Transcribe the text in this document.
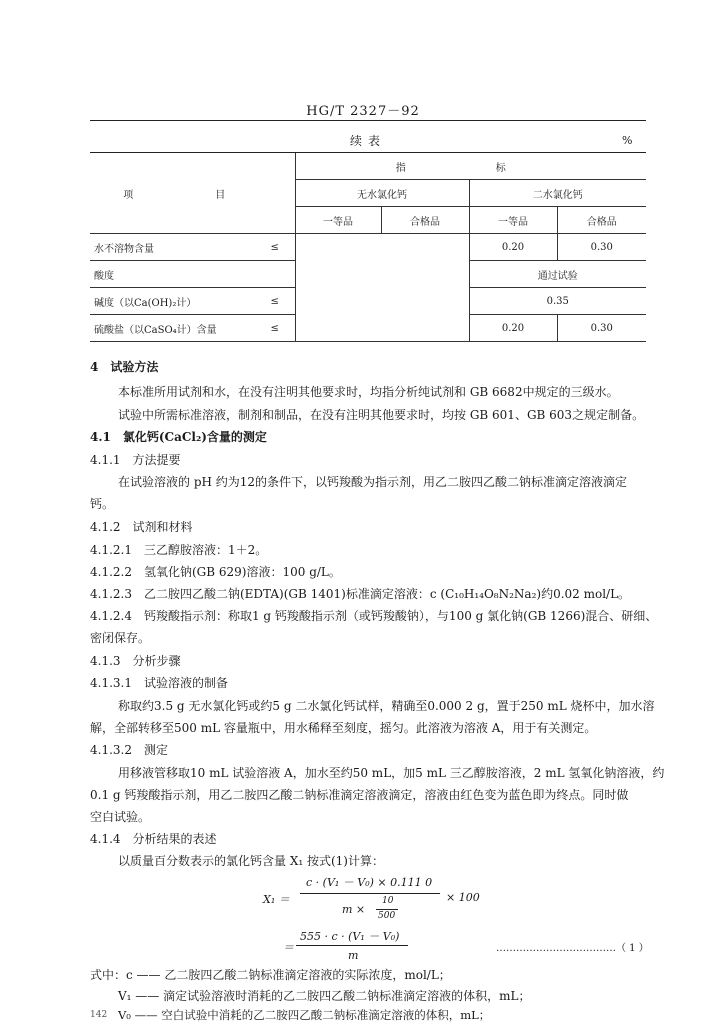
HG/T 2327－92
续表	%
项　目		指　标			
		无水氯化钙		二水氯化钙	
		一等品	合格品	一等品	合格品
水不溶物含量	≤			0.20	0.30
酸度				通过试验	
碱度（以Ca(OH)₂计）	≤			0.35	
硫酸盐（以CaSO₄计）含量	≤			0.20	0.30
4　试验方法
本标准所用试剂和水，在没有注明其他要求时，均指分析纯试剂和 GB 6682中规定的三级水。
试验中所需标准溶液，制剂和制品，在没有注明其他要求时，均按 GB 601、GB 603之规定制备。
4.1　氯化钙(CaCl₂)含量的测定
4.1.1　方法提要
在试验溶液的 pH 约为12的条件下，以钙羧酸为指示剂，用乙二胺四乙酸二钠标准滴定溶液滴定
钙。
4.1.2　试剂和材料
4.1.2.1　三乙醇胺溶液：1＋2。
4.1.2.2　氢氧化钠(GB 629)溶液：100 g/L。
4.1.2.3　乙二胺四乙酸二钠(EDTA)(GB 1401)标准滴定溶液：c (C₁₀H₁₄O₈N₂Na₂)约0.02 mol/L。
4.1.2.4　钙羧酸指示剂：称取1 g 钙羧酸指示剂（或钙羧酸钠），与100 g 氯化钠(GB 1266)混合、研细、
密闭保存。
4.1.3　分析步骤
4.1.3.1　试验溶液的制备
称取约3.5 g 无水氯化钙或约5 g 二水氯化钙试样，精确至0.000 2 g，置于250 mL 烧杯中，加水溶
解，全部转移至500 mL 容量瓶中，用水稀释至刻度，摇匀。此溶液为溶液 A，用于有关测定。
4.1.3.2　测定
用移液管移取10 mL 试验溶液 A，加水至约50 mL，加5 mL 三乙醇胺溶液，2 mL 氢氧化钠溶液，约
0.1 g 钙羧酸指示剂，用乙二胺四乙酸二钠标准滴定溶液滴定，溶液由红色变为蓝色即为终点。同时做
空白试验。
4.1.4　分析结果的表述
以质量百分数表示的氯化钙含量 X₁ 按式(1)计算：
X₁ ＝
c · (V₁ － V₀) × 0.111 0
m ×
10
500
× 100
＝
555 · c · (V₁ － V₀)
m
………………………………（ 1 ）
式中：c —— 乙二胺四乙酸二钠标准滴定溶液的实际浓度，mol/L；
V₁ —— 滴定试验溶液时消耗的乙二胺四乙酸二钠标准滴定溶液的体积，mL；
V₀ —— 空白试验中消耗的乙二胺四乙酸二钠标准滴定溶液的体积，mL；
142
